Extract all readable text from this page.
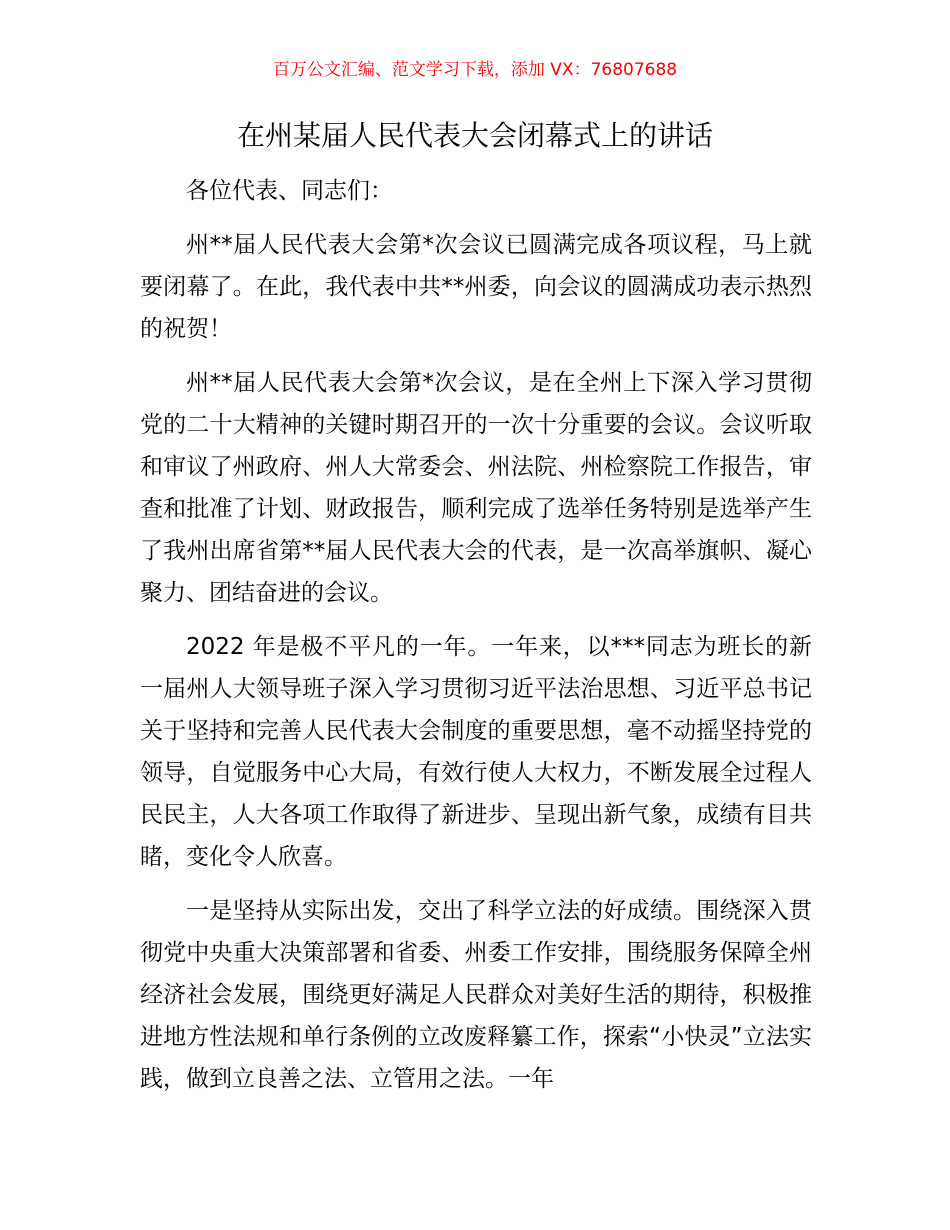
百万公文汇编、范文学习下载，添加 VX：76807688

在州某届人民代表大会闭幕式上的讲话

各位代表、同志们：

州**届人民代表大会第*次会议已圆满完成各项议程，马上就要闭幕了。在此，我代表中共**州委，向会议的圆满成功表示热烈的祝贺！

州**届人民代表大会第*次会议，是在全州上下深入学习贯彻党的二十大精神的关键时期召开的一次十分重要的会议。会议听取和审议了州政府、州人大常委会、州法院、州检察院工作报告，审查和批准了计划、财政报告，顺利完成了选举任务特别是选举产生了我州出席省第**届人民代表大会的代表，是一次高举旗帜、凝心聚力、团结奋进的会议。

2022 年是极不平凡的一年。一年来，以***同志为班长的新一届州人大领导班子深入学习贯彻习近平法治思想、习近平总书记关于坚持和完善人民代表大会制度的重要思想，毫不动摇坚持党的领导，自觉服务中心大局，有效行使人大权力，不断发展全过程人民民主，人大各项工作取得了新进步、呈现出新气象，成绩有目共睹，变化令人欣喜。

一是坚持从实际出发，交出了科学立法的好成绩。围绕深入贯彻党中央重大决策部署和省委、州委工作安排，围绕服务保障全州经济社会发展，围绕更好满足人民群众对美好生活的期待，积极推进地方性法规和单行条例的立改废释纂工作，探索“小快灵”立法实践，做到立良善之法、立管用之法。一年
